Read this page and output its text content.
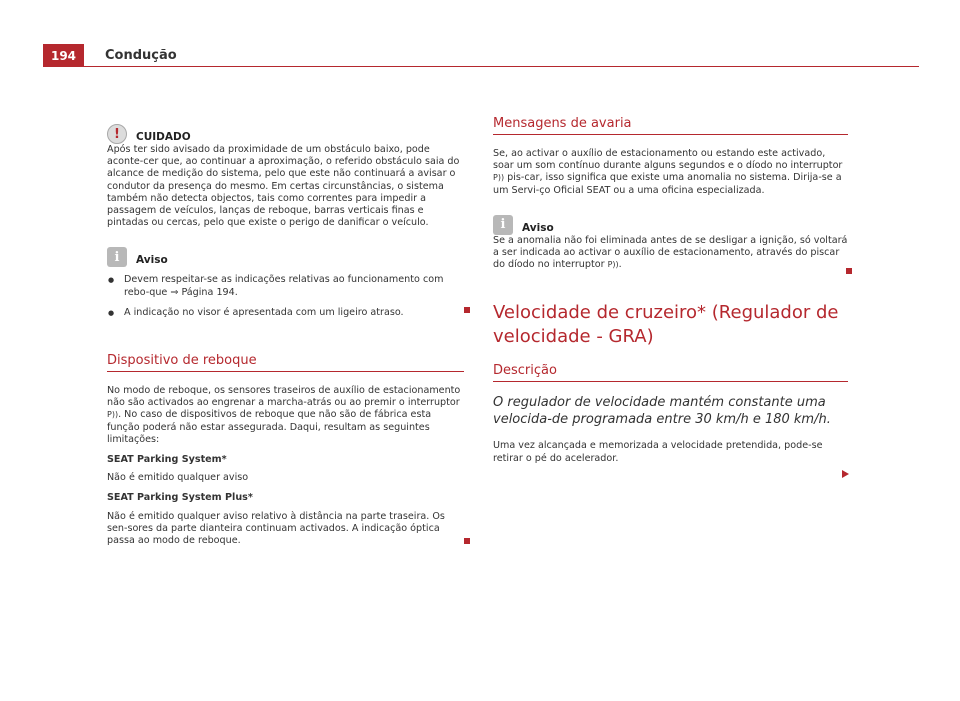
194	Condução
!	CUIDADO

Após ter sido avisado da proximidade de um obstáculo baixo, pode aconte-cer que, ao continuar a aproximação, o referido obstáculo saia do alcance de medição do sistema, pelo que este não continuará a avisar o condutor da presença do mesmo. Em certas circunstâncias, o sistema também não detecta objectos, tais como correntes para impedir a passagem de veículos, lanças de reboque, barras verticais finas e pintadas ou cercas, pelo que existe o perigo de danificar o veículo.

i	Aviso

● Devem respeitar-se as indicações relativas ao funcionamento com rebo-que ⇒ Página 194.

● A indicação no visor é apresentada com um ligeiro atraso.

Dispositivo de reboque

No modo de reboque, os sensores traseiros de auxílio de estacionamento não são activados ao engrenar a marcha-atrás ou ao premir o interruptor P)). No caso de dispositivos de reboque que não são de fábrica esta função poderá não estar assegurada. Daqui, resultam as seguintes limitações:

SEAT Parking System*

Não é emitido qualquer aviso

SEAT Parking System Plus*

Não é emitido qualquer aviso relativo à distância na parte traseira. Os sen-sores da parte dianteira continuam activados. A indicação óptica passa ao modo de reboque.

Mensagens de avaria

Se, ao activar o auxílio de estacionamento ou estando este activado, soar um som contínuo durante alguns segundos e o díodo no interruptor P)) pis-car, isso significa que existe uma anomalia no sistema. Dirija-se a um Servi-ço Oficial SEAT ou a uma oficina especializada.

i	Aviso

Se a anomalia não foi eliminada antes de se desligar a ignição, só voltará a ser indicada ao activar o auxílio de estacionamento, através do piscar do díodo no interruptor P)).

Velocidade de cruzeiro* (Regulador de velocidade - GRA)
Descrição

O regulador de velocidade mantém constante uma velocida-de programada entre 30 km/h e 180 km/h.

Uma vez alcançada e memorizada a velocidade pretendida, pode-se retirar o pé do acelerador.
